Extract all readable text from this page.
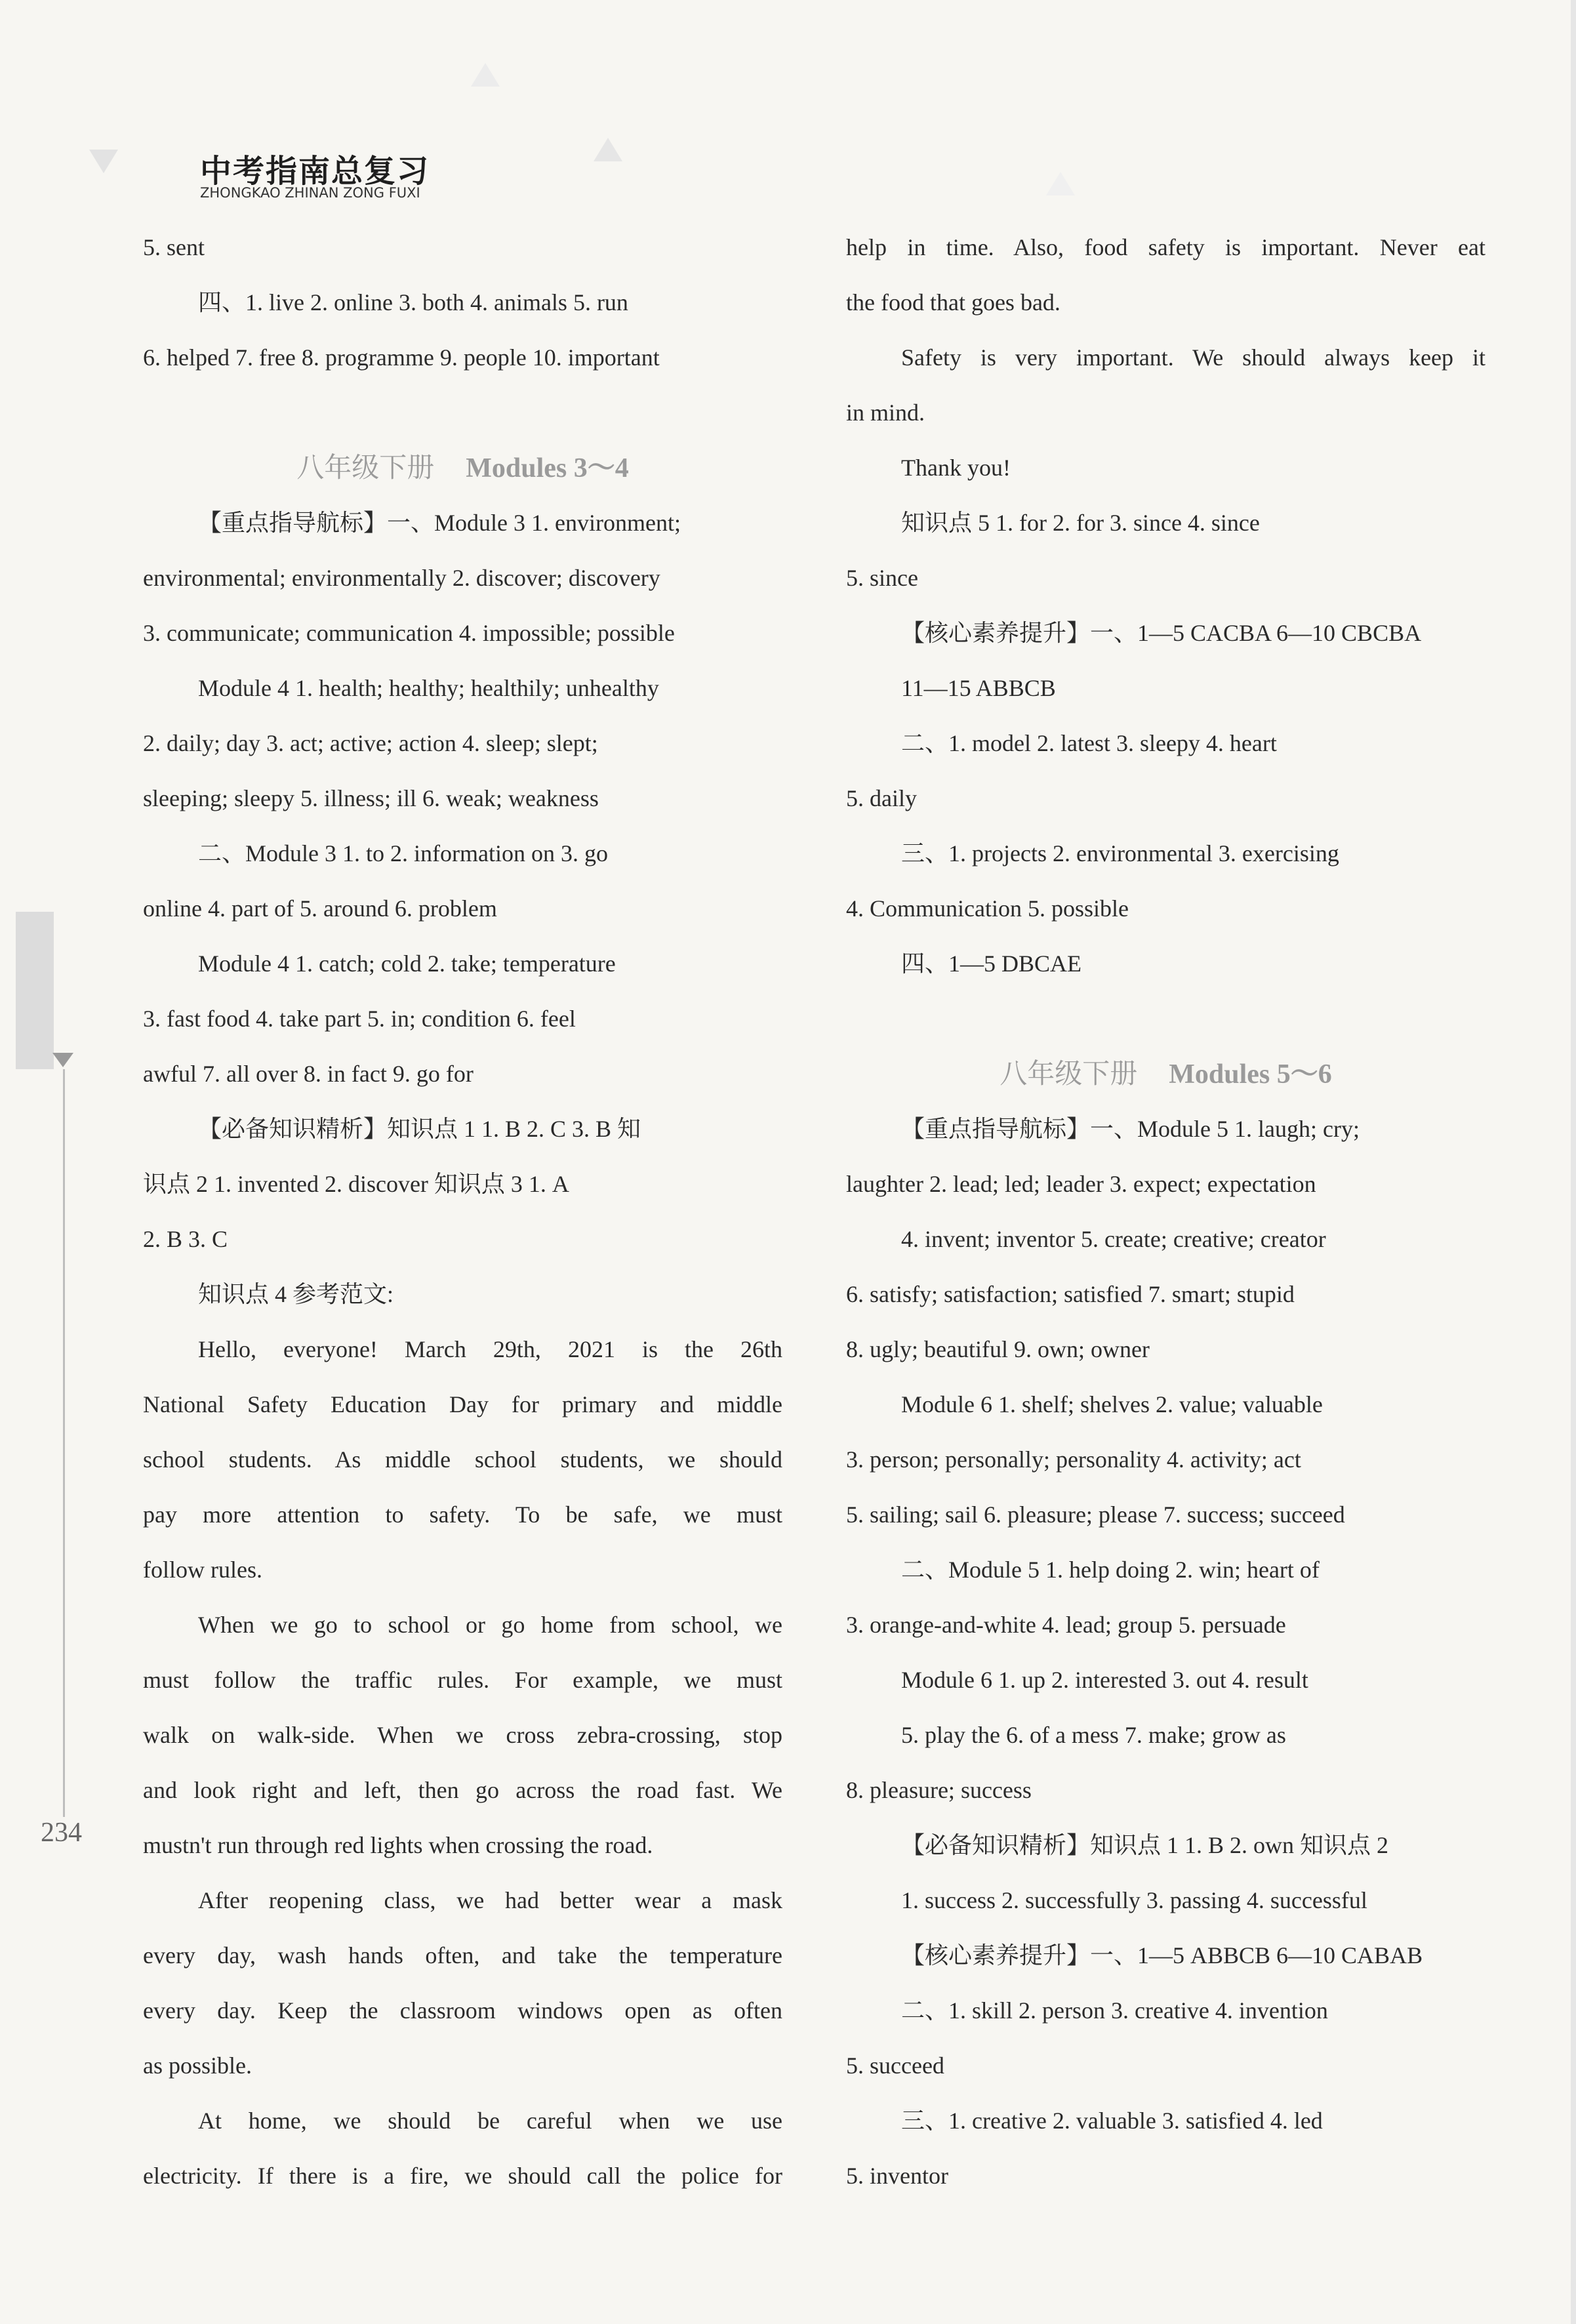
中考指南总复习
ZHONGKAO ZHINAN ZONG FUXI
234
5. sent
四、1. live 2. online 3. both 4. animals 5. run
6. helped 7. free 8. programme 9. people 10. important
八年级下册 Modules 3～4
【重点指导航标】一、Module 3 1. environment;
environmental; environmentally 2. discover; discovery
3. communicate; communication 4. impossible; possible
Module 4 1. health; healthy; healthily; unhealthy
2. daily; day 3. act; active; action 4. sleep; slept;
sleeping; sleepy 5. illness; ill 6. weak; weakness
二、Module 3 1. to 2. information on 3. go
online 4. part of 5. around 6. problem
Module 4 1. catch; cold 2. take; temperature
3. fast food 4. take part 5. in; condition 6. feel
awful 7. all over 8. in fact 9. go for
【必备知识精析】知识点 1 1. B 2. C 3. B 知
识点 2 1. invented 2. discover 知识点 3 1. A
2. B 3. C
知识点 4 参考范文:
Hello, everyone! March 29th, 2021 is the 26th
National Safety Education Day for primary and middle
school students. As middle school students, we should
pay more attention to safety. To be safe, we must
follow rules.
When we go to school or go home from school, we
must follow the traffic rules. For example, we must
walk on walk-side. When we cross zebra-crossing, stop
and look right and left, then go across the road fast. We
mustn't run through red lights when crossing the road.
After reopening class, we had better wear a mask
every day, wash hands often, and take the temperature
every day. Keep the classroom windows open as often
as possible.
At home, we should be careful when we use
electricity. If there is a fire, we should call the police for
help in time. Also, food safety is important. Never eat
the food that goes bad.
Safety is very important. We should always keep it
in mind.
Thank you!
知识点 5 1. for 2. for 3. since 4. since
5. since
【核心素养提升】一、1—5 CACBA 6—10 CBCBA
11—15 ABBCB
二、1. model 2. latest 3. sleepy 4. heart
5. daily
三、1. projects 2. environmental 3. exercising
4. Communication 5. possible
四、1—5 DBCAE
八年级下册 Modules 5～6
【重点指导航标】一、Module 5 1. laugh; cry;
laughter 2. lead; led; leader 3. expect; expectation
4. invent; inventor 5. create; creative; creator
6. satisfy; satisfaction; satisfied 7. smart; stupid
8. ugly; beautiful 9. own; owner
Module 6 1. shelf; shelves 2. value; valuable
3. person; personally; personality 4. activity; act
5. sailing; sail 6. pleasure; please 7. success; succeed
二、Module 5 1. help doing 2. win; heart of
3. orange-and-white 4. lead; group 5. persuade
Module 6 1. up 2. interested 3. out 4. result
5. play the 6. of a mess 7. make; grow as
8. pleasure; success
【必备知识精析】知识点 1 1. B 2. own 知识点 2
1. success 2. successfully 3. passing 4. successful
【核心素养提升】一、1—5 ABBCB 6—10 CABAB
二、1. skill 2. person 3. creative 4. invention
5. succeed
三、1. creative 2. valuable 3. satisfied 4. led
5. inventor
